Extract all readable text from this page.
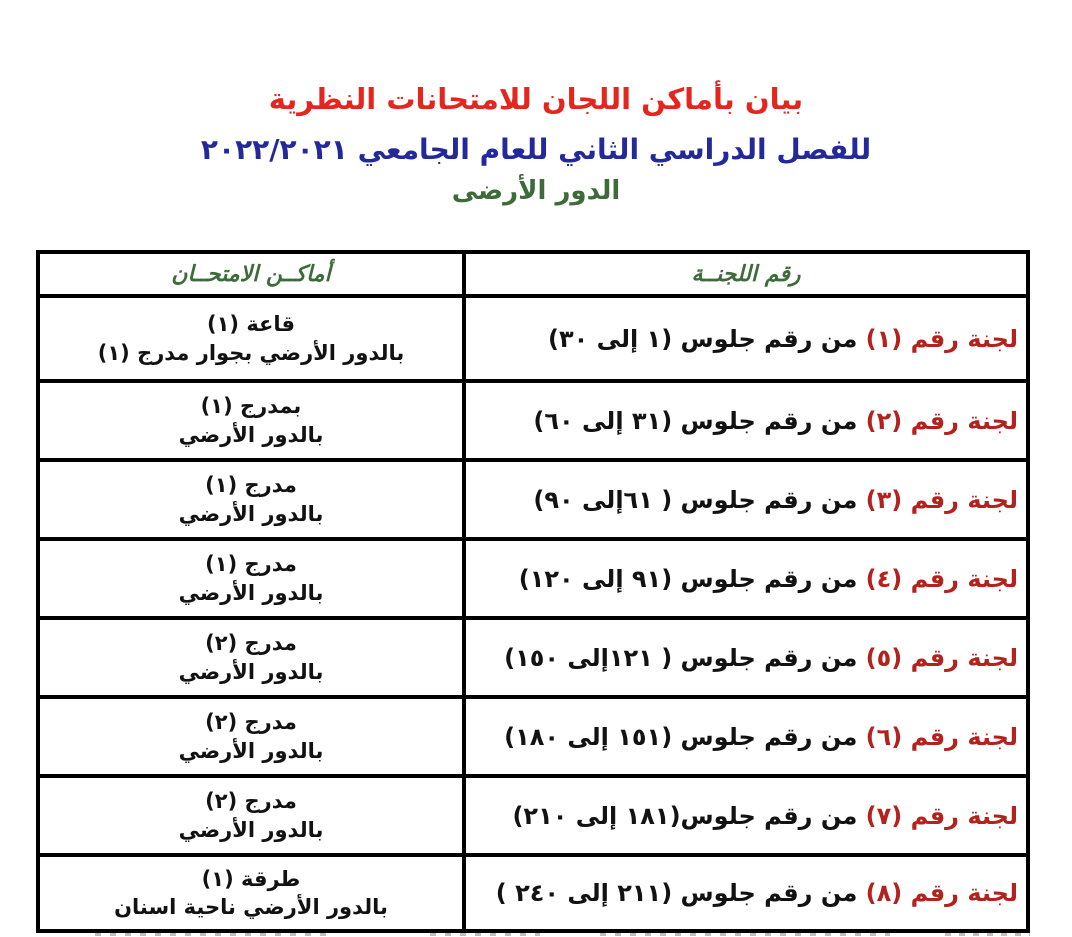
بيان بأماكن اللجان للامتحانات النظرية
للفصل الدراسي الثاني للعام الجامعي ٢٠٢٢/٢٠٢١
الدور الأرضى
رقم اللجنــة	أماكــن الامتحــان
لجنة رقم (١) من رقم جلوس (١ إلى ٣٠)	قاعة (١)
بالدور الأرضي بجوار مدرج (١)

لجنة رقم (٢) من رقم جلوس (٣١ إلى ٦٠)	بمدرج (١)
بالدور الأرضي

لجنة رقم (٣) من رقم جلوس ( ٦١إلى ٩٠)	مدرج (١)
بالدور الأرضي

لجنة رقم (٤) من رقم جلوس (٩١ إلى ١٢٠)	مدرج (١)
بالدور الأرضي

لجنة رقم (٥) من رقم جلوس ( ١٢١إلى ١٥٠)	مدرج (٢)
بالدور الأرضي

لجنة رقم (٦) من رقم جلوس (١٥١ إلى ١٨٠)	مدرج (٢)
بالدور الأرضي

لجنة رقم (٧) من رقم جلوس(١٨١ إلى ٢١٠)	مدرج (٢)
بالدور الأرضي

لجنة رقم (٨) من رقم جلوس (٢١١ إلى ٢٤٠ )	طرقة (١)
بالدور الأرضي ناحية اسنان
